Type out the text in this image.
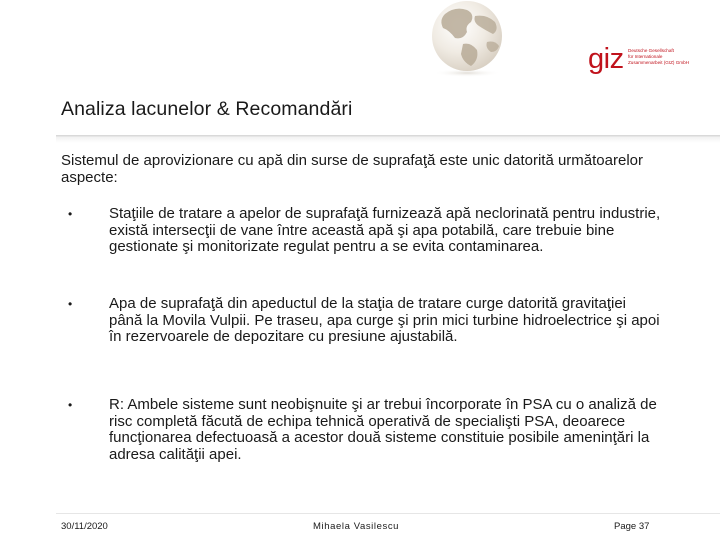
giz Deutsche Gesellschaft
für Internationale
Zusammenarbeit (GIZ) GmbH
Analiza lacunelor & Recomandări

Sistemul de aprovizionare cu apă din surse de suprafaţă este unic datorită următoarelor aspecte:

• Staţiile de tratare a apelor de suprafaţă furnizează apă neclorinată pentru industrie, există intersecţii de vane între această apă şi apa potabilă, care trebuie bine gestionate şi monitorizate regulat pentru a se evita contaminarea.
• Apa de suprafaţă din apeductul de la staţia de tratare curge datorită gravitaţiei până la Movila Vulpii. Pe traseu, apa curge şi prin mici turbine hidroelectrice şi apoi în rezervoarele de depozitare cu presiune ajustabilă.
• R: Ambele sisteme sunt neobişnuite şi ar trebui încorporate în PSA cu o analiză de risc completă făcută de echipa tehnică operativă de specialişti PSA, deoarece funcţionarea defectuoasă a acestor două sisteme constituie posibile ameninţări la adresa calităţii apei.
30/11/2020	Mihaela Vasilescu	Page 37
